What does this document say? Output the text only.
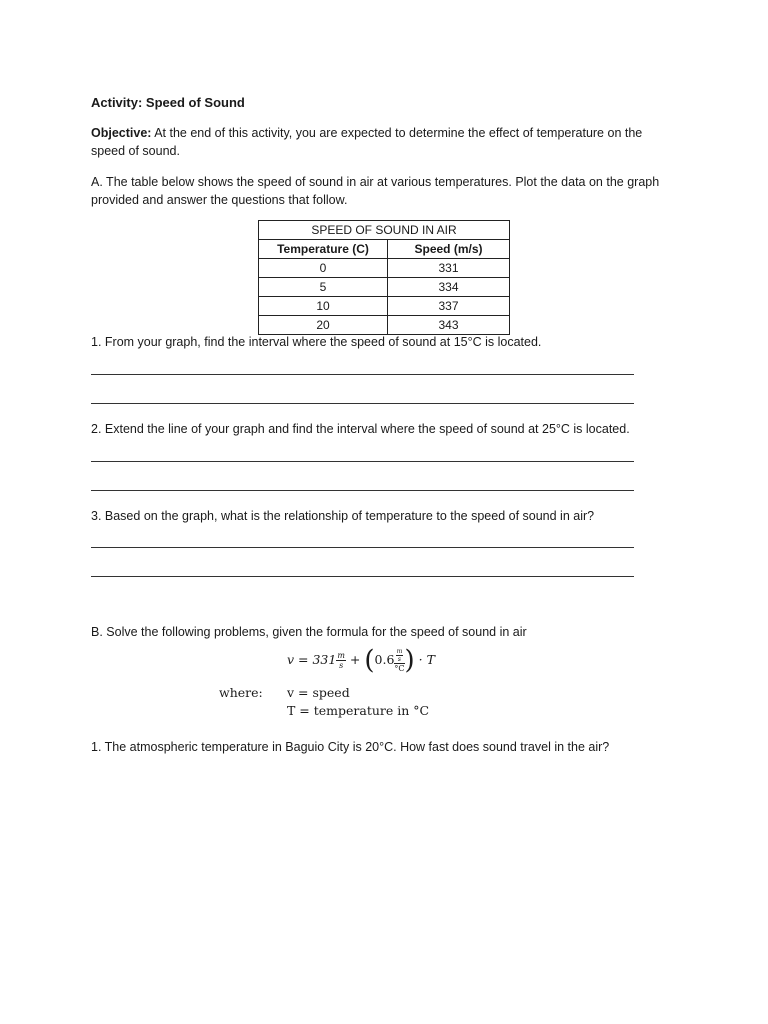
Activity: Speed of Sound
Objective: At the end of this activity, you are expected to determine the effect of temperature on the speed of sound.
A. The table below shows the speed of sound in air at various temperatures. Plot the data on the graph provided and answer the questions that follow.
SPEED OF SOUND IN AIR	
Temperature (C)	Speed (m/s)
0	331
5	334
10	337
20	343
1. From your graph, find the interval where the speed of sound at 15°C is located.
2. Extend the line of your graph and find the interval where the speed of sound at 25°C is located.
3. Based on the graph, what is the relationship of temperature to the speed of sound in air?
B. Solve the following problems, given the formula for the speed of sound in air
$v = 331 \frac{m}{s} + (0.6 \frac{\frac{m}{s}}{^\circ C}$ ) · T
where: v = speed
T = temperature in °C
1. The atmospheric temperature in Baguio City is 20°C. How fast does sound travel in the air?
